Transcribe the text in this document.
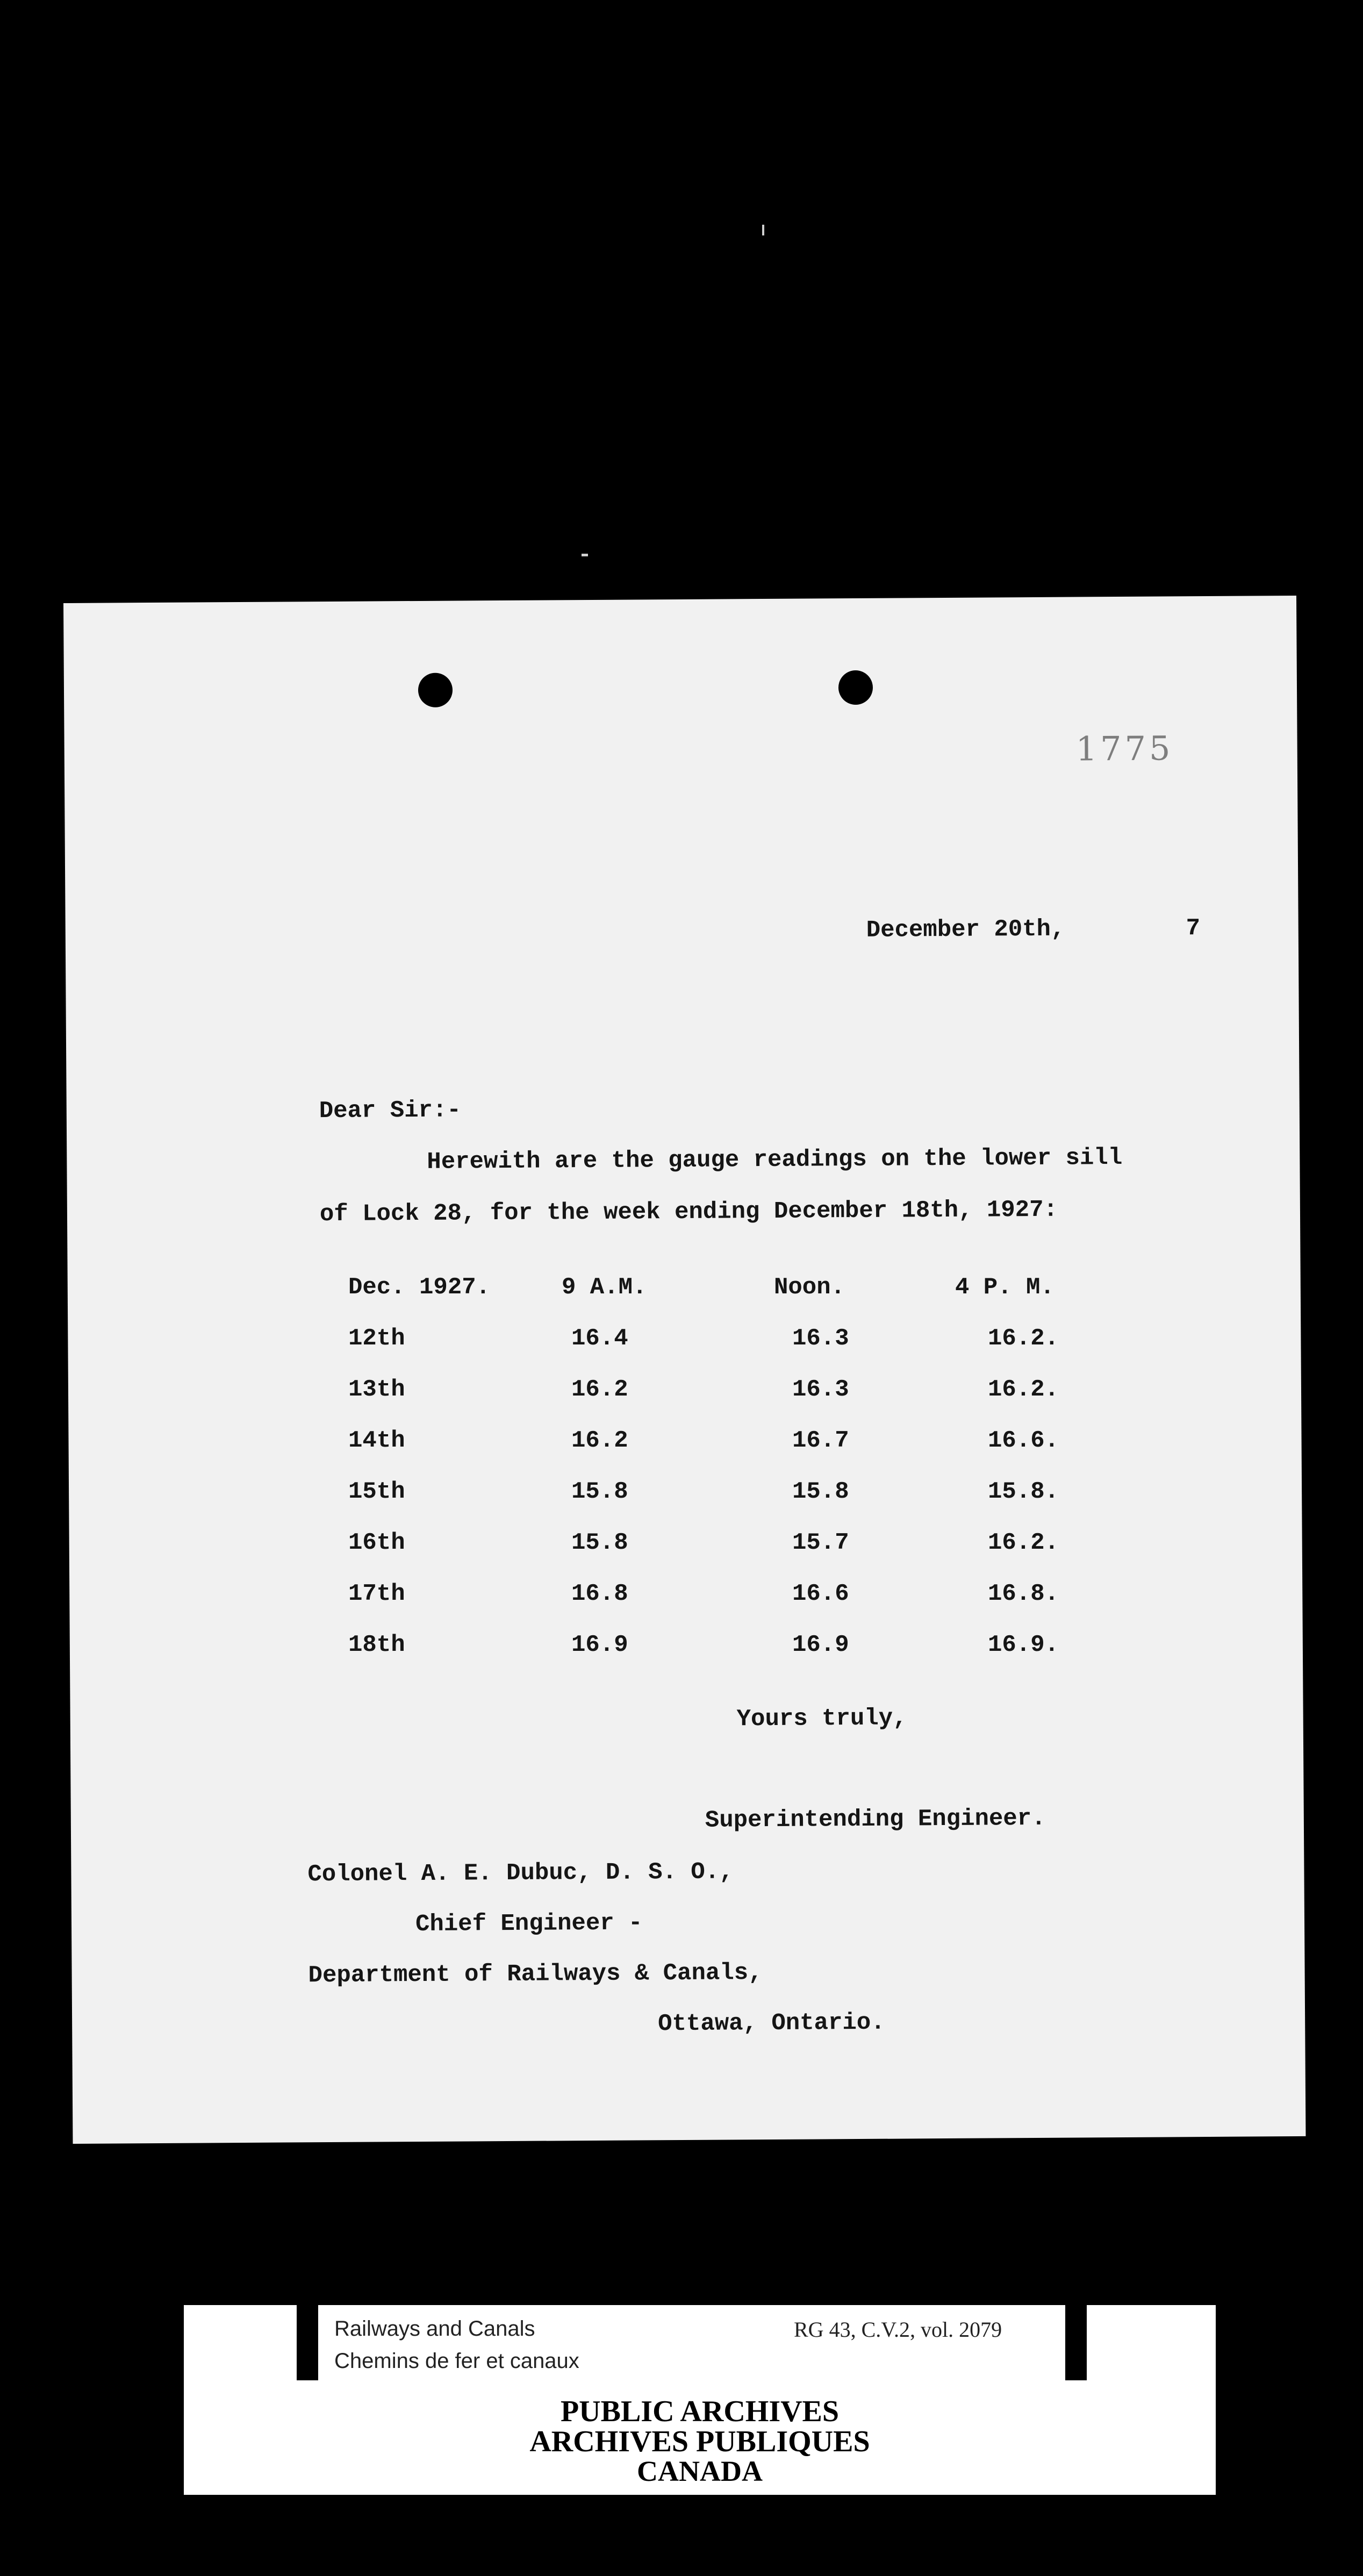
1775

December 20th,	7

Dear Sir:-

Herewith are the gauge readings on the lower sill

of Lock 28, for the week ending December 18th, 1927:

Yours truly,

Superintending Engineer.

Colonel A. E. Dubuc, D. S. O.,

Chief Engineer -

Department of Railways & Canals,

Ottawa, Ontario.

Dec. 1927.	9 A.M.	Noon.	4 P. M.
12th	16.4	16.3	16.2.
13th	16.2	16.3	16.2.
14th	16.2	16.7	16.6.
15th	15.8	15.8	15.8.
16th	15.8	15.7	16.2.
17th	16.8	16.6	16.8.
18th	16.9	16.9	16.9.
Railways and Canals
Chemins de fer et canaux
RG 43, C.V.2, vol. 2079
PUBLIC ARCHIVES
ARCHIVES PUBLIQUES
CANADA
